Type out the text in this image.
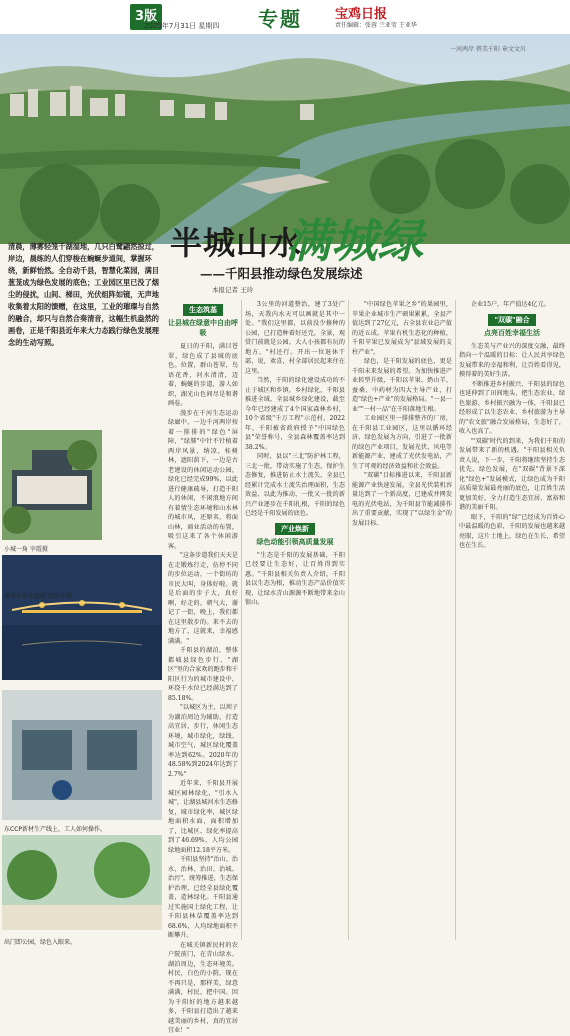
3版
2025年7月31日 星期四 专题	宝鸡日报
责任编辑：张蓉 兰亚莹 王亚华
一河两岸 碧美千阳 章文文川
清晨，薄雾轻笼千湖湿地，几只白鹭翩然掠过，岸边，晨练的人们穿梭在蜿蜒步道间，掌握环绕，新鲜怡然。全自动千县，智慧化菜园，满目葱茏成为绿色发展的底色；工业园区里已没了烟尘的侵扰，山间、梯田，光伏组阵如镜，无声地收集着太阳的馈赠，在这里，工业的璀璨与自然的融合，却只与自然合奏清音，这幅生机盎然的画卷，正是千阳县近年来大力态践行绿色发展理念的生动写照。
半城山水
满城绿
——千阳县推动绿色发展综述
本报记者 王玲
生态筑基
让县城在绿意中自由呼吸

夏日的千阳，满目苍翠，绿色成了县城的底色。位置，群山苍翠，鸟语花香，河水清清，迈着，蜿蜒的步道，游人如织，湖光山色间尽是和谐画卷。

漫步在千河生态运动绿廊中，一边千河两岸按着一排排的"绿色"屏障，"绿肺"中针不针植着两岸风景，纳凉，桂树林，遮阳荫下，一边是古老建设的休闲运动公园，绿化已经完成99%，以此进行健康疏导，打造千阳人的休闲，不闲浪地方间有着情生态环境和山水林的城市风，还原名，将面山林，商业活动的布置，吸引这来了各个休闲游客。

"这条步道我们天天是在走锻炼行走，伍停不同的步位运动，一个街坊的市民大叫，身体好啦。就是后面的步子大，真好啊，好走的，朝气大，谢记了一街，晚上，我们都在这里散步的。来不去的地方了，这就来，幸福感满满。"

千阳县的湖泊，整体都城县绿色步行、"湖区"里的合家欢的跑步和千阳区行为的城市建设中，环绕千水位已经满达到了85.18%。

"以城区为主，以坝子为湖泊周边为辅助，打造高宜居，步行，休闲生态环境，城市绿化，绿线、城市空气，城区绿化覆盖率达到62%。2020年的48.58%到2024年达到了2.7%"

近年来，千阳县开展城区园林绿化，"引水入城"，让湖县城河水生态修复，城市绿化率，城区绿地面积水面，面积增加了，比城区、绿化率提高到了46.69%，人均公园绿地面积12.18平方米。

千阳县坚持"治山、治水、治林、治田、治城、治污"，统筹推进，生态保护治理，已经全县绿化覆盖，造林绿化。千阳县通过实施国土绿化工程，让千阳县林草覆盖率达到68.6%，人均绿地面积不断攀升。

在城关镇新民村的农户院前门，在青山绿水、湖泊周边，生态环境美。村民，白色的小院，现在不再只是，那样美，绿意满满，村民，把中国。因为千阳好的地方越来越多，千阳县打造出了越来越美丽的乡村，真的宜居宜业！"

小城一角 宰霞摄
夜幕下的天池湖 张沙华摄
东CCP新材生产线上，工人如何操作。
出门即公园，绿色入眼来。

3公里的河道整治，建了3处广场，天我内水天可以画就是其中一处。"我们这里都，以前没少修种的公园，已打造种着好还完，全景，观赏门前就是公园，大人小孩都有玩的地方，"村还行。开出一位退休干部，说，欢喜，村全部居民起来住在这里。

当然，千阳的绿化建设成功的不止于城区和乡镇，乡村绿化，千阳县推进全域，全县城乡绿化建设，截至今年已经建成了4个国家森林乡村，10个省级"千万工程"示范村，2022年，千阳被省政府授予"中国绿色县"荣誉称号，全县森林覆盖率达到38.2%。

同时，县以"三北"防护林工程，三北一批，带动实施了生态，保护生态修复，推进防止水土流失，全县已经累计完成水土流失治理面积，生态效益、以此为推动、一批又一批的新兴产业逐步在千阳扎根，千阳的绿色已经是千阳发展的底色。

产业焕新
绿色动能引领高质量发展

"生态是千阳的发展基础，千阳已经要让生态好，让百姓得到实惠。"千阳县相关负责人介绍，千阳县以生态为根，推动生态产品价值实现，让绿水青山源源不断地带来金山银山。

"中国绿色苹果之乡"的果园里，苹果企业城市生产硕果累累，全县产值达到了27亿元，占全县农业总产值的近五成。苹果有机生态化的种植，千阳苹果已发展成为"县域发展的支柱产业"。

绿色，是千阳发展的底色，更是千阳未来发展的希望。为加快推进产业转型升级，千阳以苹果、奶山羊、蚕桑、中药材为四大主导产业，打造"绿色+产业"的发展格局。"一县一业""一村一品"在千阳落地生根。

工业园区里一排排整齐的厂房，在千阳县工业园区，这里以循环经济、绿色发展为方向，引进了一批新的绿色产业项目，发展光伏、风电等新能源产业，建成了光伏发电站，产生了可观的经济效益和社会效益。

"双碳"目标推进以来，千阳县新能源产业快速发展，全县光伏装机容量达到了一个新高度，已建成并网发电的光伏电站，为千阳县节能减排作出了重要贡献，实现了"以绿生金"的发展目标。

企业15户，年产值达4亿元。

"双碳"融合
点亮百姓幸福生活

生态美与产业兴的深度交融，最终指向一个温暖的目标：让人民共享绿色发展带来的幸福和利，让百姓看得见，摸得着的美好生活。

不断推进乡村振兴，千阳县的绿色也延伸到了田间地头，把生态农业、绿色旅游、乡村振兴融为一体，千阳县已经形成了以生态农业、乡村旅游为主导的"农文旅"融合发展格局，生态好了，收入也高了。

"'双碳'时代的到来，为我们千阳的发展带来了新的机遇。"千阳县相关负责人说，下一步，千阳将继续坚持生态优先、绿色发展，在"双碳"背景下深化"绿色+"发展模式，让绿色成为千阳高质量发展最亮丽的底色，让百姓生活更加美好，全力打造生态宜居、富裕和谐的美丽千阳。

眼下，千阳的"绿"已经成为百姓心中最温暖的色彩，千阳的发展也越来越亮眼，这片土地上，绿色在生长，希望也在生长。
